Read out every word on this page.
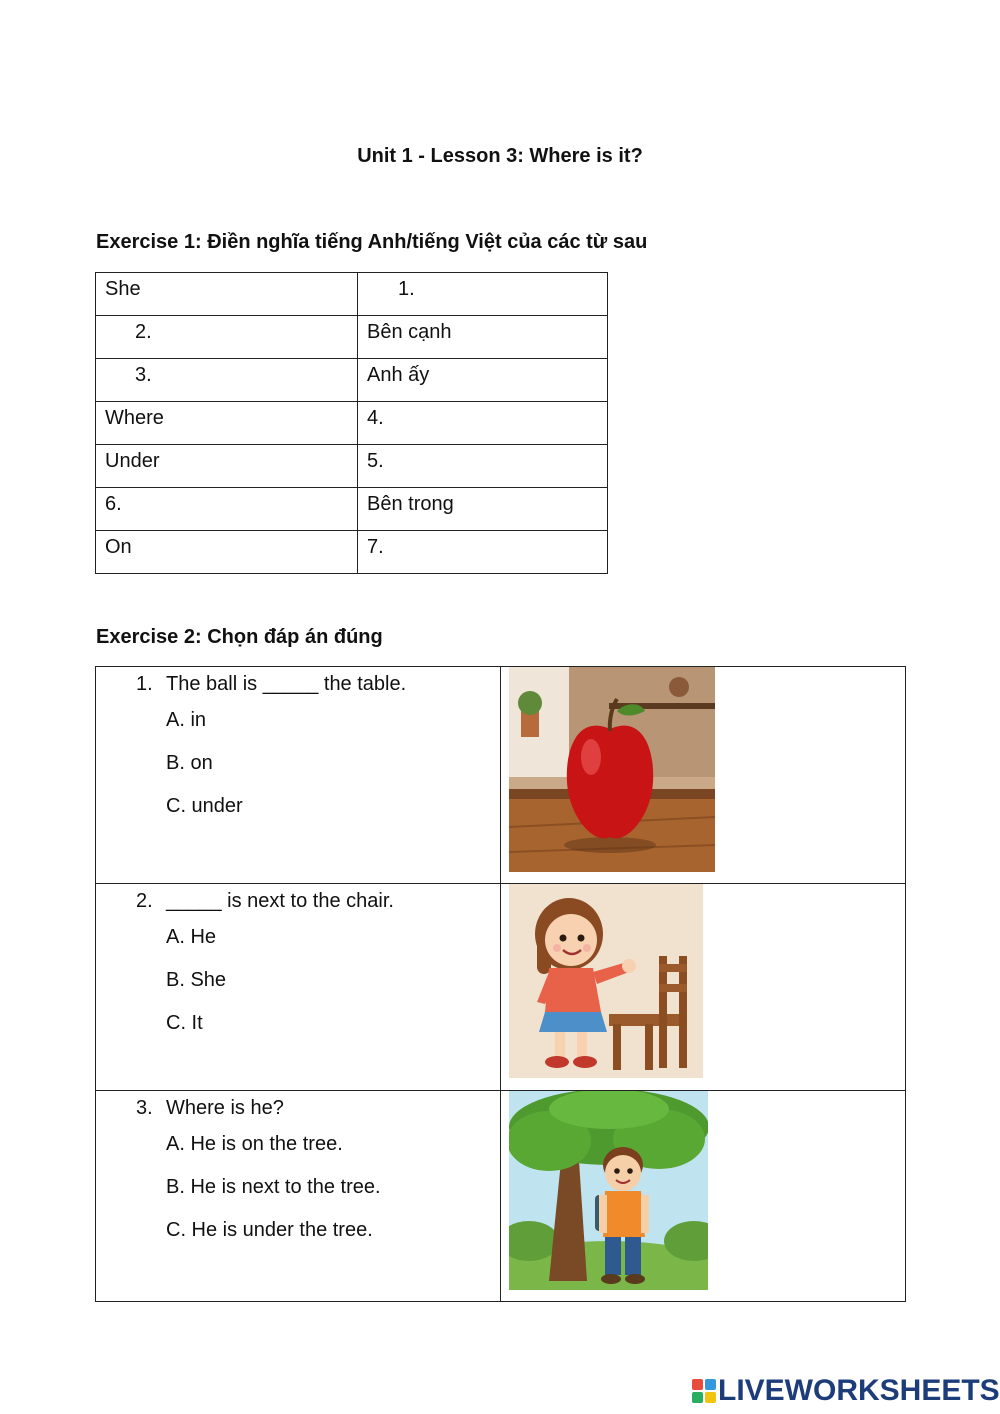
Unit 1 - Lesson 3: Where is it?
Exercise 1: Điền nghĩa tiếng Anh/tiếng Việt của các từ sau
She	1.
2.	Bên cạnh
3.	Anh ấy
Where	4.
Under	5.
6.	Bên trong
On	7.
Exercise 2: Chọn đáp án đúng
1. The ball is _____ the table.
A. in
B. on
C. under

2. _____ is next to the chair.
A. He
B. She
C. It

3. Where is he?
A. He is on the tree.
B. He is next to the tree.
C. He is under the tree.

LIVEWORKSHEETS
